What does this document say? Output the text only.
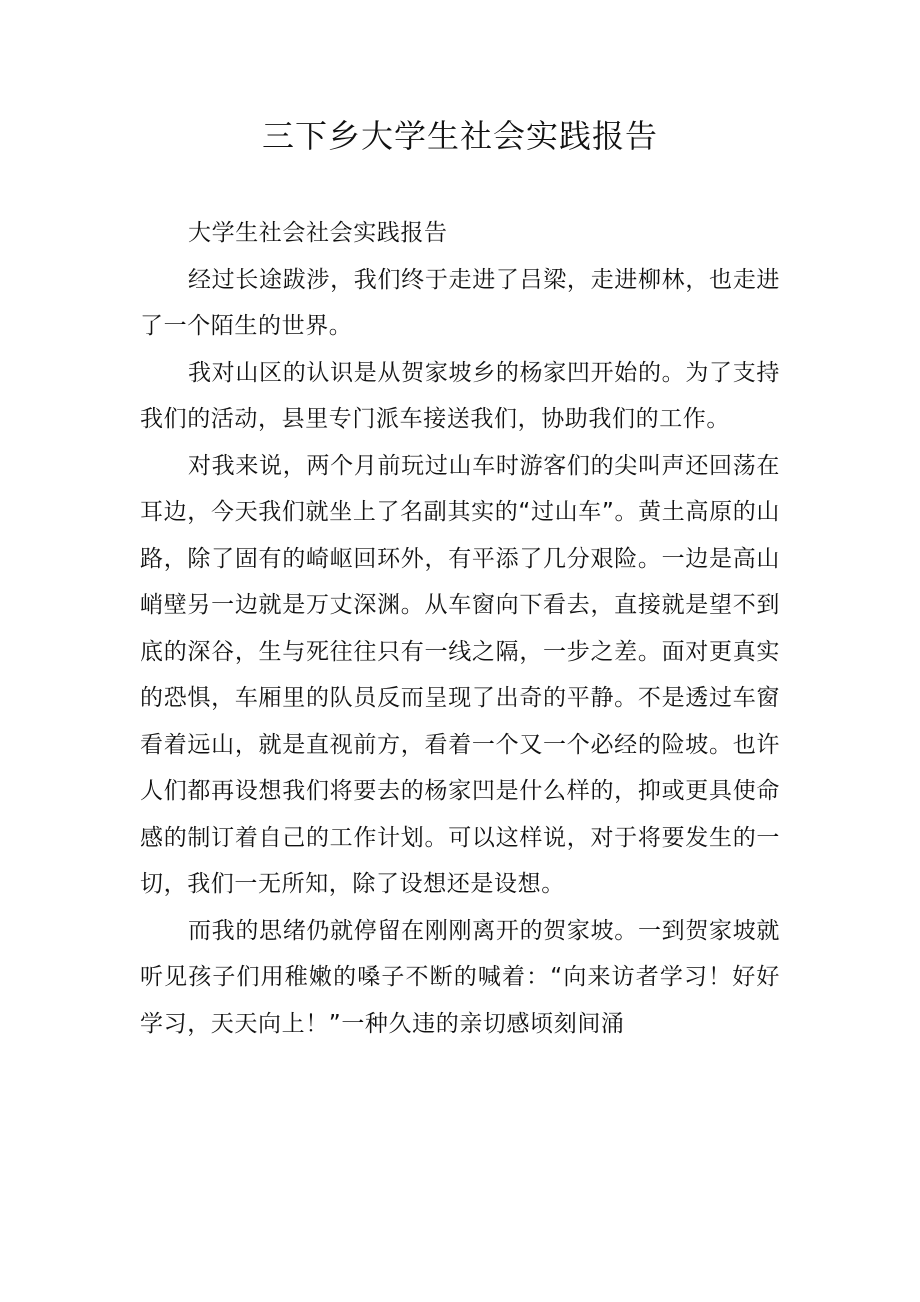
三下乡大学生社会实践报告

大学生社会社会实践报告

经过长途跋涉，我们终于走进了吕梁，走进柳林，也走进了一个陌生的世界。

我对山区的认识是从贺家坡乡的杨家凹开始的。为了支持我们的活动，县里专门派车接送我们，协助我们的工作。

对我来说，两个月前玩过山车时游客们的尖叫声还回荡在耳边，今天我们就坐上了名副其实的“过山车”。黄土高原的山路，除了固有的崎岖回环外，有平添了几分艰险。一边是高山峭壁另一边就是万丈深渊。从车窗向下看去，直接就是望不到底的深谷，生与死往往只有一线之隔，一步之差。面对更真实的恐惧，车厢里的队员反而呈现了出奇的平静。不是透过车窗看着远山，就是直视前方，看着一个又一个必经的险坡。也许人们都再设想我们将要去的杨家凹是什么样的，抑或更具使命感的制订着自己的工作计划。可以这样说，对于将要发生的一切，我们一无所知，除了设想还是设想。

而我的思绪仍就停留在刚刚离开的贺家坡。一到贺家坡就听见孩子们用稚嫩的嗓子不断的喊着：“向来访者学习！好好学习，天天向上！”一种久违的亲切感顷刻间涌
